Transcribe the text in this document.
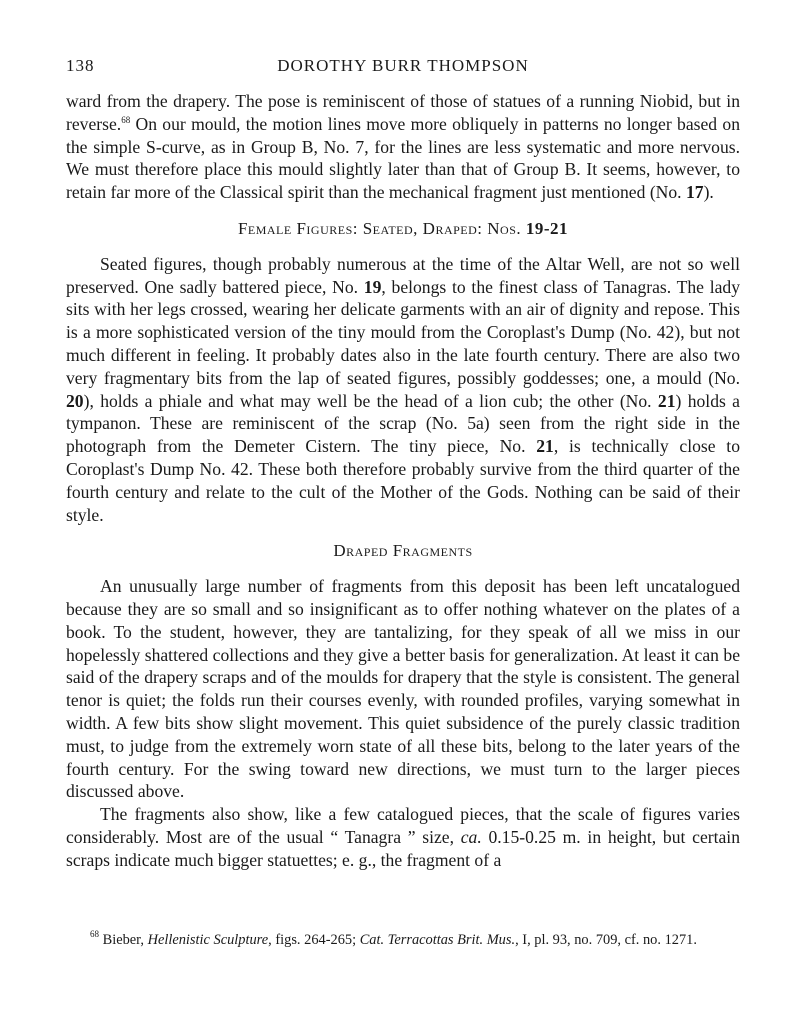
138	DOROTHY BURR THOMPSON

ward from the drapery. The pose is reminiscent of those of statues of a running Niobid, but in reverse.$^{68}$ On our mould, the motion lines move more obliquely in patterns no longer based on the simple S-curve, as in Group B, No. 7, for the lines are less systematic and more nervous. We must therefore place this mould slightly later than that of Group B. It seems, however, to retain far more of the Classical spirit than the mechanical fragment just mentioned (No. 17).

Female Figures: Seated, Draped: Nos. 19-21

Seated figures, though probably numerous at the time of the Altar Well, are not so well preserved. One sadly battered piece, No. 19, belongs to the finest class of Tanagras. The lady sits with her legs crossed, wearing her delicate garments with an air of dignity and repose. This is a more sophisticated version of the tiny mould from the Coroplast's Dump (No. 42), but not much different in feeling. It probably dates also in the late fourth century. There are also two very fragmentary bits from the lap of seated figures, possibly goddesses; one, a mould (No. 20), holds a phiale and what may well be the head of a lion cub; the other (No. 21) holds a tympanon. These are reminiscent of the scrap (No. 5a) seen from the right side in the photograph from the Demeter Cistern. The tiny piece, No. 21, is technically close to Coroplast's Dump No. 42. These both therefore probably survive from the third quarter of the fourth century and relate to the cult of the Mother of the Gods. Nothing can be said of their style.

Draped Fragments

An unusually large number of fragments from this deposit has been left uncatalogued because they are so small and so insignificant as to offer nothing whatever on the plates of a book. To the student, however, they are tantalizing, for they speak of all we miss in our hopelessly shattered collections and they give a better basis for generalization. At least it can be said of the drapery scraps and of the moulds for drapery that the style is consistent. The general tenor is quiet; the folds run their courses evenly, with rounded profiles, varying somewhat in width. A few bits show slight movement. This quiet subsidence of the purely classic tradition must, to judge from the extremely worn state of all these bits, belong to the later years of the fourth century. For the swing toward new directions, we must turn to the larger pieces discussed above.

The fragments also show, like a few catalogued pieces, that the scale of figures varies considerably. Most are of the usual “ Tanagra ” size, ca. 0.15-0.25 m. in height, but certain scraps indicate much bigger statuettes; e. g., the fragment of a

$^{68}$ Bieber, Hellenistic Sculpture, figs. 264-265; Cat. Terracottas Brit. Mus., I, pl. 93, no. 709, cf. no. 1271.
